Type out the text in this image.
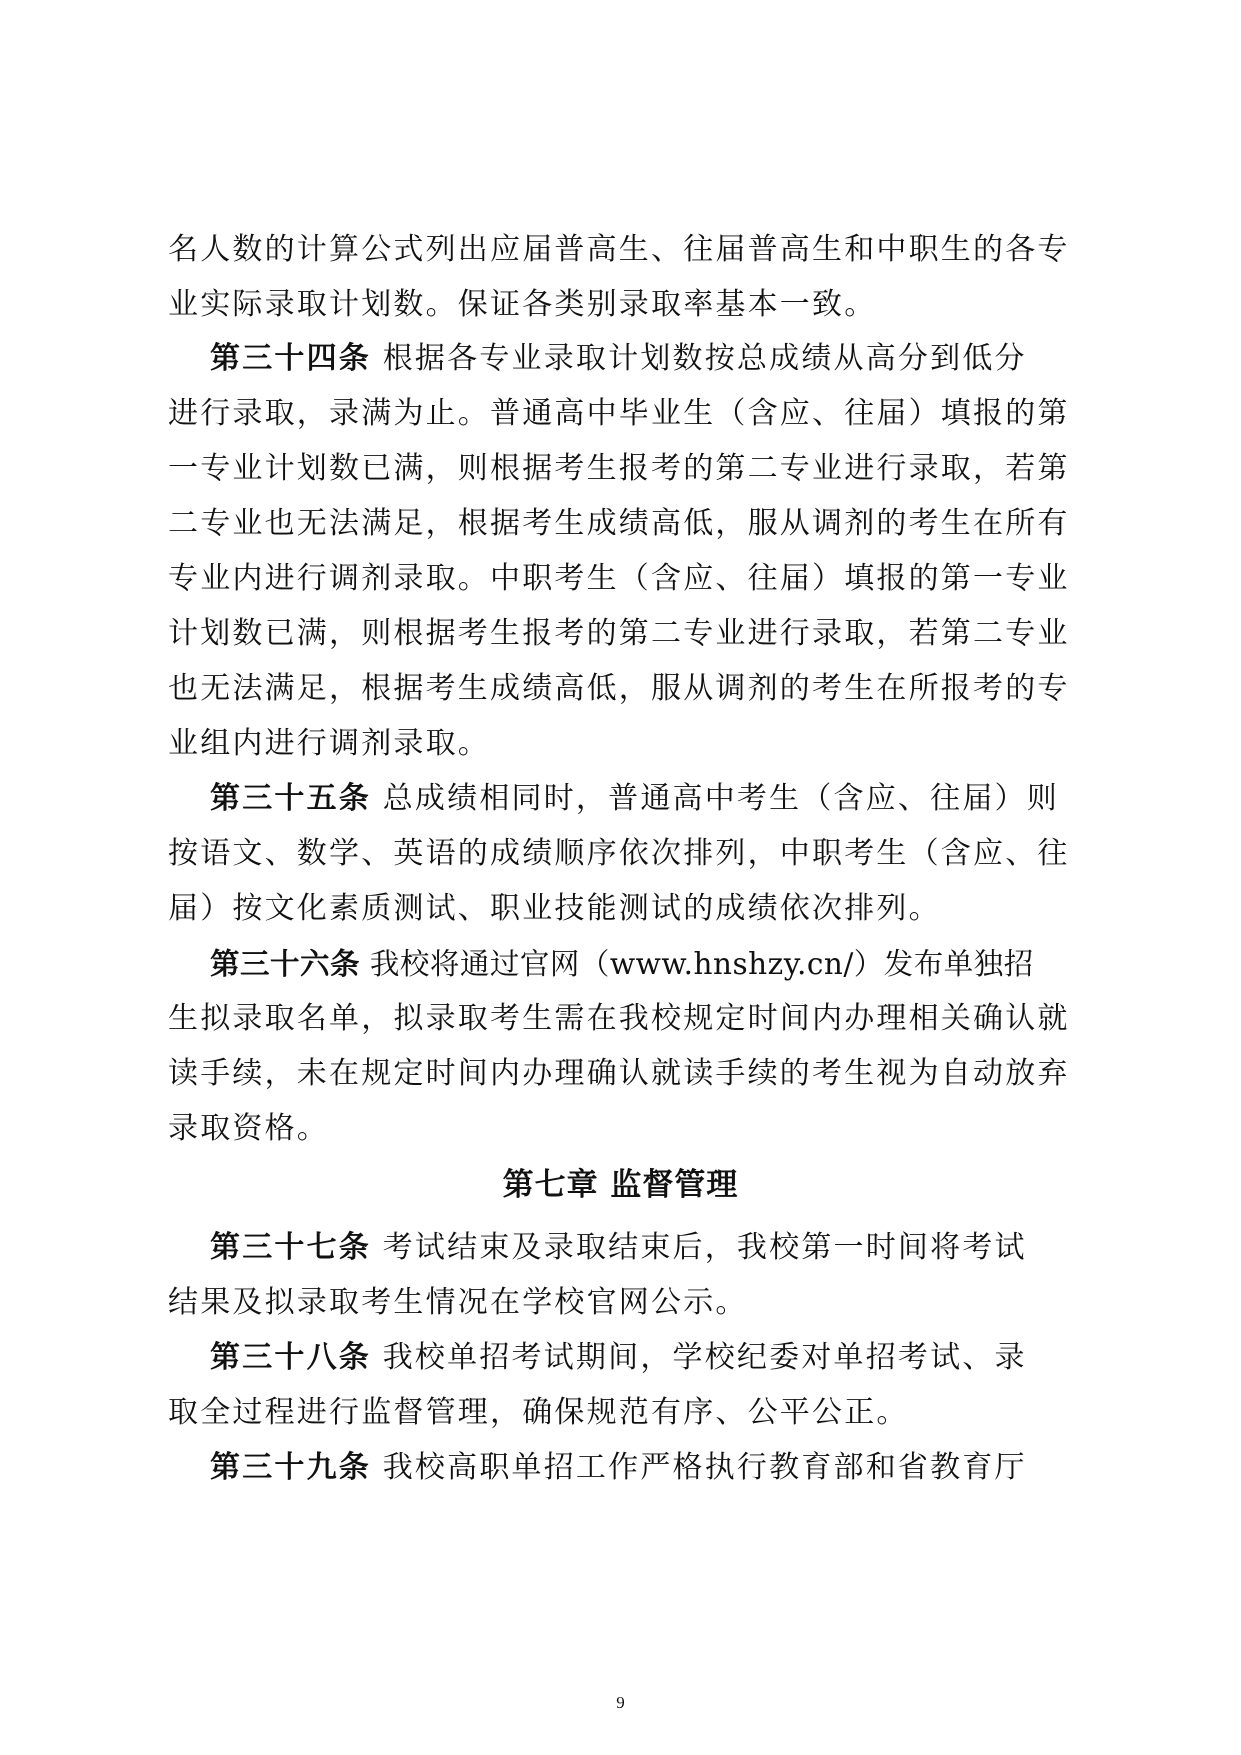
名人数的计算公式列出应届普高生、往届普高生和中职生的各专
业实际录取计划数。保证各类别录取率基本一致。
第三十四条 根据各专业录取计划数按总成绩从高分到低分
进行录取，录满为止。普通高中毕业生（含应、往届）填报的第
一专业计划数已满，则根据考生报考的第二专业进行录取，若第
二专业也无法满足，根据考生成绩高低，服从调剂的考生在所有
专业内进行调剂录取。中职考生（含应、往届）填报的第一专业
计划数已满，则根据考生报考的第二专业进行录取，若第二专业
也无法满足，根据考生成绩高低，服从调剂的考生在所报考的专
业组内进行调剂录取。
第三十五条 总成绩相同时，普通高中考生（含应、往届）则
按语文、数学、英语的成绩顺序依次排列，中职考生（含应、往
届）按文化素质测试、职业技能测试的成绩依次排列。
第三十六条 我校将通过官网（www.hnshzy.cn/）发布单独招
生拟录取名单，拟录取考生需在我校规定时间内办理相关确认就
读手续，未在规定时间内办理确认就读手续的考生视为自动放弃
录取资格。
第七章 监督管理
第三十七条 考试结束及录取结束后，我校第一时间将考试
结果及拟录取考生情况在学校官网公示。
第三十八条 我校单招考试期间，学校纪委对单招考试、录
取全过程进行监督管理，确保规范有序、公平公正。
第三十九条 我校高职单招工作严格执行教育部和省教育厅
9
